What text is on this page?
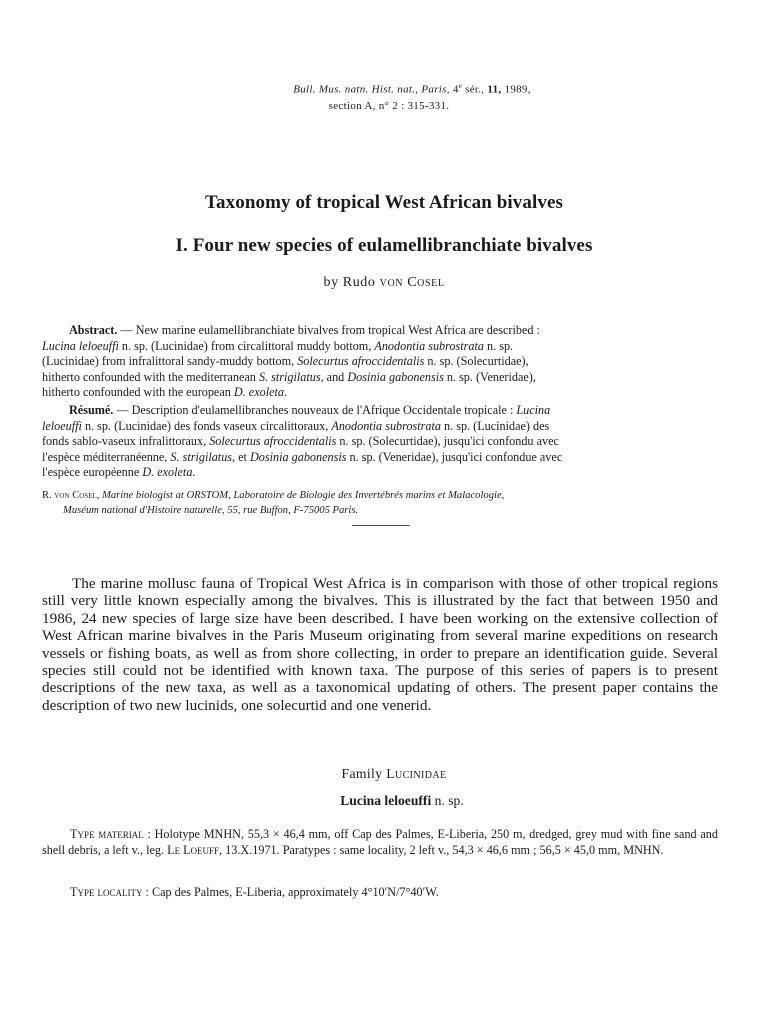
Bull. Mus. natn. Hist. nat., Paris, 4e sér., 11, 1989,
section A, n° 2 : 315-331.
Taxonomy of tropical West African bivalves
I. Four new species of eulamellibranchiate bivalves
by Rudo von Cosel
Abstract. — New marine eulamellibranchiate bivalves from tropical West Africa are described :
Lucina leloeuffi n. sp. (Lucinidae) from circalittoral muddy bottom, Anodontia subrostrata n. sp.
(Lucinidae) from infralittoral sandy-muddy bottom, Solecurtus afroccidentalis n. sp. (Solecurtidae),
hitherto confounded with the mediterranean S. strigilatus, and Dosinia gabonensis n. sp. (Veneridae),
hitherto confounded with the european D. exoleta.
Résumé. — Description d'eulamellibranches nouveaux de l'Afrique Occidentale tropicale : Lucina
leloeuffi n. sp. (Lucinidae) des fonds vaseux circalittoraux, Anodontia subrostrata n. sp. (Lucinidae) des
fonds sablo-vaseux infralittoraux, Solecurtus afroccidentalis n. sp. (Solecurtidae), jusqu'ici confondu avec
l'espèce méditerranéenne, S. strigilatus, et Dosinia gabonensis n. sp. (Veneridae), jusqu'ici confondue avec
l'espèce européenne D. exoleta.
R. von Cosel, Marine biologist at ORSTOM, Laboratoire de Biologie des Invertébrés marins et Malacologie,
Muséum national d'Histoire naturelle, 55, rue Buffon, F-75005 Paris.
The marine mollusc fauna of Tropical West Africa is in comparison with those of other tropical regions still very little known especially among the bivalves. This is illustrated by the fact that between 1950 and 1986, 24 new species of large size have been described. I have been working on the extensive collection of West African marine bivalves in the Paris Museum originating from several marine expeditions on research vessels or fishing boats, as well as from shore collecting, in order to prepare an identification guide. Several species still could not be identified with known taxa. The purpose of this series of papers is to present descriptions of the new taxa, as well as a taxonomical updating of others. The present paper contains the description of two new lucinids, one solecurtid and one venerid.
Family Lucinidae
Lucina leloeuffi n. sp.
Type material : Holotype MNHN, 55,3 × 46,4 mm, off Cap des Palmes, E-Liberia, 250 m, dredged, grey mud with fine sand and shell debris, a left v., leg. Le Loeuff, 13.X.1971. Paratypes : same locality, 2 left v., 54,3 × 46,6 mm ; 56,5 × 45,0 mm, MNHN.
Type locality : Cap des Palmes, E-Liberia, approximately 4°10′N/7°40′W.
